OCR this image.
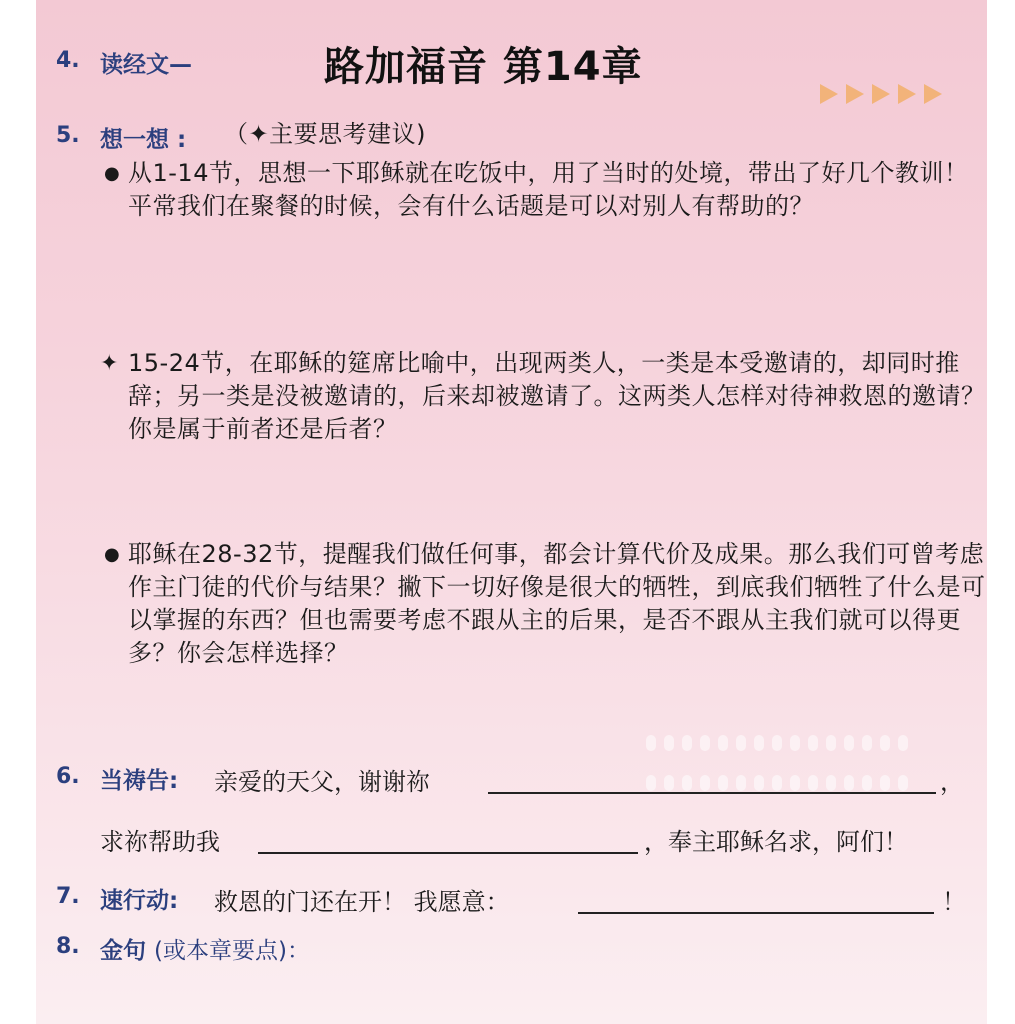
4. 读经文—	路加福音 第14章
5. 想一想 : （✦主要思考建议)
● 从1-14节，思想一下耶稣就在吃饭中，用了当时的处境，带出了好几个教训！平常我们在聚餐的时候，会有什么话题是可以对别人有帮助的？
✦ 15-24节，在耶稣的筵席比喻中，出现两类人，一类是本受邀请的，却同时推辞；另一类是没被邀请的，后来却被邀请了。这两类人怎样对待神救恩的邀请？你是属于前者还是后者？
● 耶稣在28-32节，提醒我们做任何事，都会计算代价及成果。那么我们可曾考虑作主门徒的代价与结果？撇下一切好像是很大的牺牲，到底我们牺牲了什么是可以掌握的东西？但也需要考虑不跟从主的后果，是否不跟从主我们就可以得更多？你会怎样选择？
6. 当祷告: 亲爱的天父，谢谢祢	，
求祢帮助我	，奉主耶稣名求，阿们！
7. 速行动: 救恩的门还在开！ 我愿意：	！
8. 金句 (或本章要点)：
